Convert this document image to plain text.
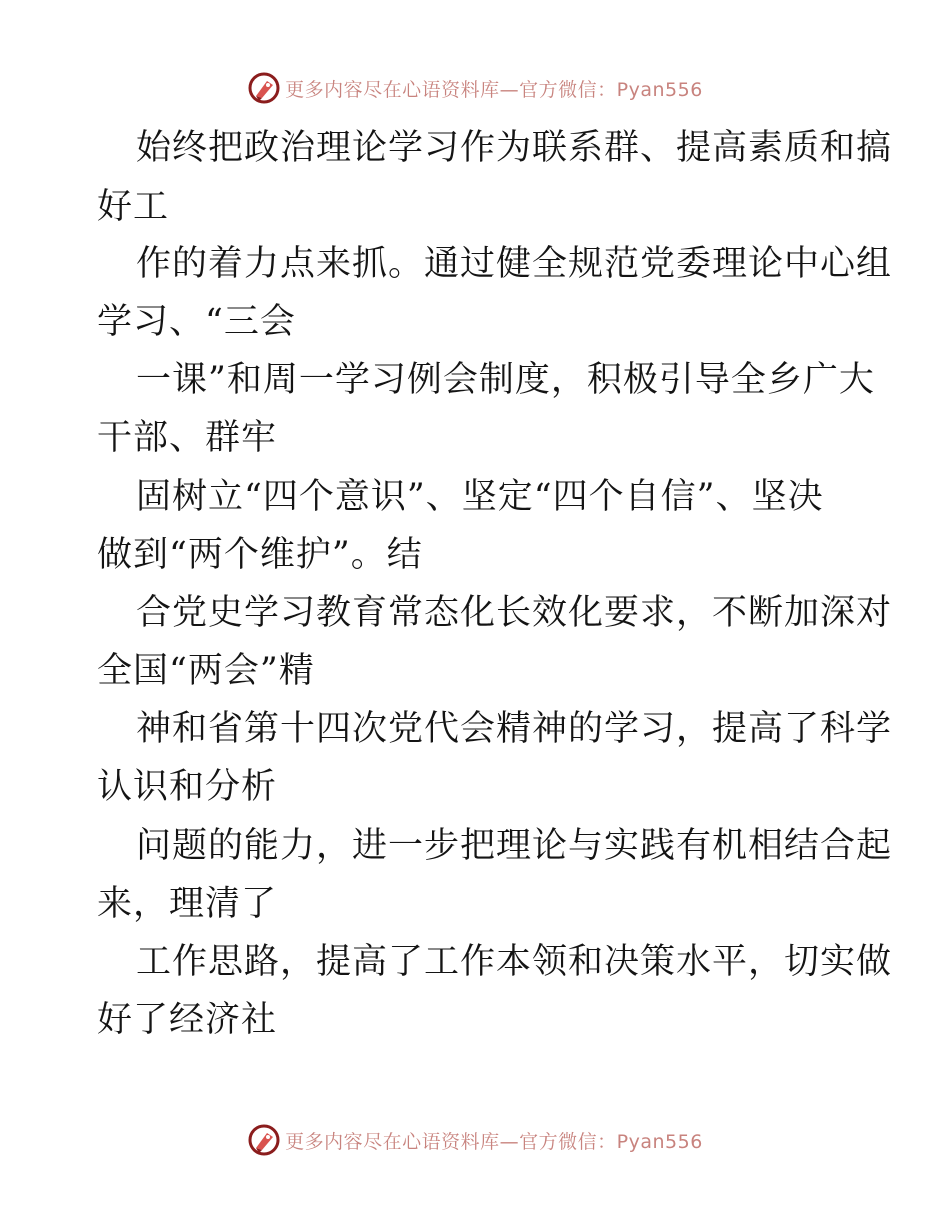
更多内容尽在心语资料库—官方微信：Pyan556
始终把政治理论学习作为联系群、提高素质和搞
好工
作的着力点来抓。通过健全规范党委理论中心组
学习、“三会
一课”和周一学习例会制度，积极引导全乡广大
干部、群牢
固树立“四个意识”、坚定“四个自信”、坚决
做到“两个维护”。结
合党史学习教育常态化长效化要求，不断加深对
全国“两会”精
神和省第十四次党代会精神的学习，提高了科学
认识和分析
问题的能力，进一步把理论与实践有机相结合起
来，理清了
工作思路，提高了工作本领和决策水平，切实做
好了经济社
更多内容尽在心语资料库—官方微信：Pyan556
